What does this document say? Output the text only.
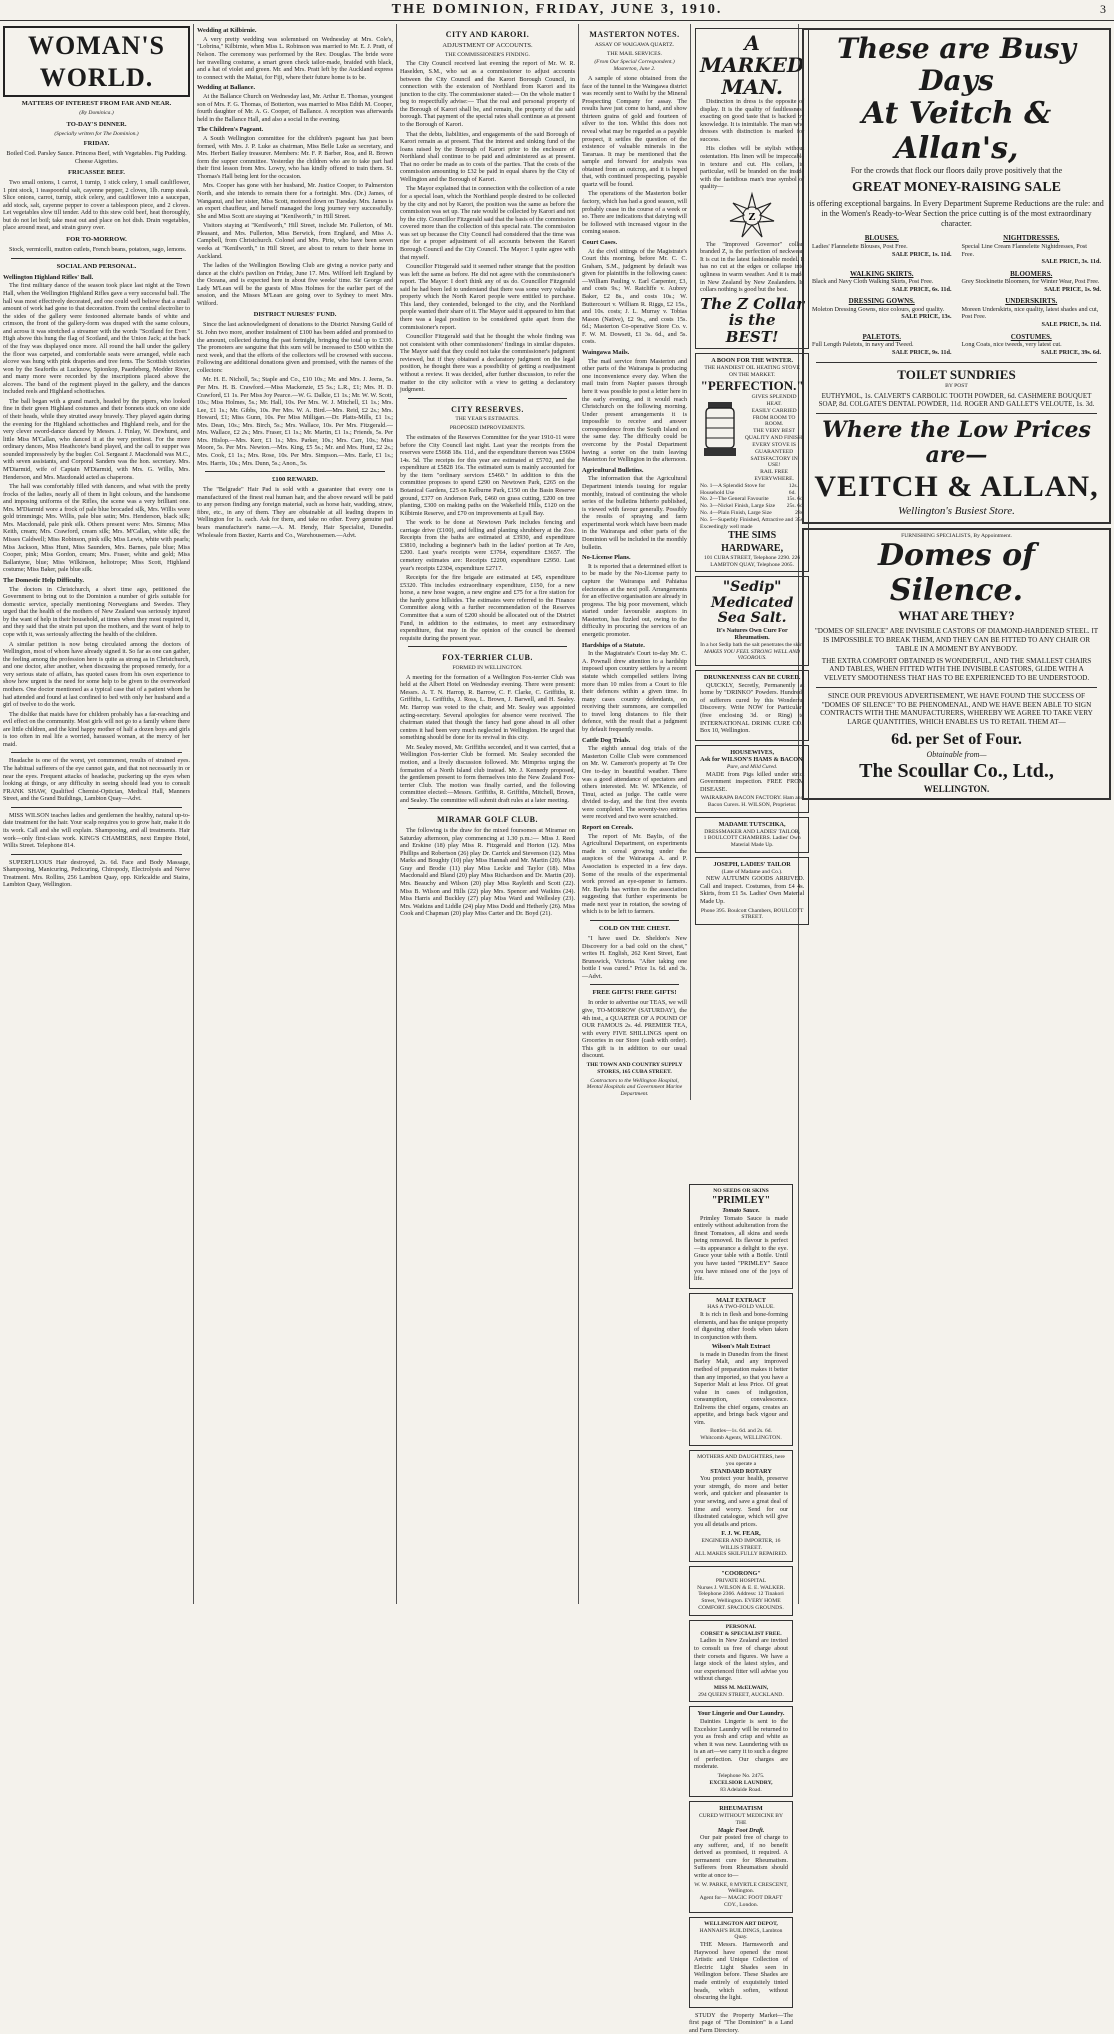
THE DOMINION, FRIDAY, JUNE 3, 1910.	3
WOMAN'S WORLD.
MATTERS OF INTEREST FROM FAR AND NEAR.
(By Dominica.)
TO-DAY'S DINNER.
(Specially written for The Dominion.)
FRIDAY.
Boiled Cod. Parsley Sauce. Princess Beef, with Vegetables. Fig Pudding. Cheese Aigrettes.
FRICASSEE BEEF.

Two small onions, 1 carrot, 1 turnip, 1 stick celery, 1 small cauliflower, 1 pint stock, 1 teaspoonful salt, cayenne pepper, 2 cloves, 1lb. rump steak. Slice onions, carrot, turnip, stick celery, and cauliflower into a saucepan, add stock, salt, cayenne pepper to cover a tablespoon piece, and 2 cloves. Let vegetables slow till tender. Add to this stew cold beef, heat thoroughly, but do not let boil; take meat out and place on hot dish. Drain vegetables, place around meat, and strain gravy over.

FOR TO-MORROW.

Stock, vermicelli, mutton cutlets, French beans, potatoes, sago, lemons.

SOCIAL AND PERSONAL.
Wellington Highland Rifles' Ball.

The first military dance of the season took place last night at the Town Hall, when the Wellington Highland Rifles gave a very successful ball. The hall was most effectively decorated, and one could well believe that a small amount of work had gone to that decoration. From the central electrolier to the sides of the gallery were festooned alternate bands of white and crimson, the front of the gallery-form was draped with the same colours, and across it was stretched a streamer with the words "Scotland for Ever." High above this hung the flag of Scotland, and the Union Jack; at the back of the fray was displayed once more. All round the hall under the gallery the floor was carpeted, and comfortable seats were arranged, while each alcove was hung with pink draperies and tree ferns. The Scottish victories won by the Seaforths at Lucknow, Spionkop, Paardeberg, Modder River, and many more were recorded by the inscriptions placed above the alcoves. The band of the regiment played in the gallery, and the dances included reels and Highland schottisches.

The ball began with a grand march, headed by the pipers, who looked fine in their green Highland costumes and their bonnets stuck on one side of their heads, while they strutted away bravely. They played again during the evening for the Highland schottisches and Highland reels, and for the very clever sword-dance danced by Messrs. J. Finlay, W. Dewhurst, and little Miss M'Callan, who danced it at the very prettiest. For the more ordinary dances, Miss Heathcote's band played, and the call to supper was sounded impressively by the bugler. Col. Sergeant J. Macdonald was M.C., with seven assistants, and Corporal Sanders was the hon. secretary. Mrs. M'Diarmid, wife of Captain M'Diarmid, with Mrs. G. Willis, Mrs. Henderson, and Mrs. Macdonald acted as chaperons.

The hall was comfortably filled with dancers, and what with the pretty frocks of the ladies, nearly all of them in light colours, and the handsome and imposing uniforms of the Rifles, the scene was a very brilliant one. Mrs. M'Diarmid wore a frock of pale blue brocaded silk, Mrs. Willis wore gold trimmings; Mrs. Willis, pale blue satin; Mrs. Henderson, black silk; Mrs. Macdonald, pale pink silk. Others present were: Mrs. Simms; Miss Keith, cream; Mrs. Crawford, cream silk; Mrs. M'Callan, white silk; the Misses Caldwell; Miss Robinson, pink silk; Miss Lewis, white with pearls; Miss Jackson, Miss Hunt, Miss Saunders, Mrs. Barnes, pale blue; Miss Cooper, pink; Miss Gordon, cream; Mrs. Fraser, white and gold; Miss Ballantyne, blue; Miss Wilkinson, heliotrope; Miss Scott, Highland costume; Miss Baker, pale blue silk.

The Domestic Help Difficulty.

The doctors in Christchurch, a short time ago, petitioned the Government to bring out to the Dominion a number of girls suitable for domestic service, specially mentioning Norwegians and Swedes. They urged that the health of the mothers of New Zealand was seriously injured by the want of help in their household, at times when they most required it, and they said that the strain put upon the mothers, and the want of help to cope with it, was seriously affecting the health of the children.

A similar petition is now being circulated among the doctors of Wellington, most of whom have already signed it. So far as one can gather, the feeling among the profession here is quite as strong as in Christchurch, and one doctor, after another, when discussing the proposed remedy, for a very serious state of affairs, has quoted cases from his own experience to show how urgent is the need for some help to be given to the overworked mothers. One doctor mentioned as a typical case that of a patient whom he had attended and found at last confined to bed with only her husband and a girl of twelve to do the work.

The dislike that maids have for children probably has a far-reaching and evil effect on the community. Most girls will not go to a family where there are little children, and the kind happy mother of half a dozen boys and girls is too often in real life a worried, harassed woman, at the mercy of her maid.

Headache is one of the worst, yet commonest, results of strained eyes. The habitual sufferers of the eye cannot gain, and that not necessarily in or near the eyes. Frequent attacks of headache, puckering up the eyes when looking at things, or any difficulty in seeing should lead you to consult FRANK SHAW, Qualified Chemist-Optician, Medical Hall, Manners Street, and the Grand Buildings, Lambton Quay—Advt.

MISS WILSON teaches ladies and gentlemen the healthy, natural up-to-date treatment for the hair. Your scalp requires you to grow hair, make it do its work. Call and she will explain. Shampooing, and all treatments. Hair work—only first-class work. KING'S CHAMBERS, next Empire Hotel, Willis Street. Telephone 814.

SUPERFLUOUS Hair destroyed, 2s. 6d. Face and Body Massage, Shampooing, Manicuring, Pedicuring, Chiropody, Electrolysis and Nerve Treatment. Mrs. Rollins, 256 Lambton Quay, opp. Kirkcaldie and Stains, Lambton Quay, Wellington.

Wedding at Kilbirnie.

A very pretty wedding was solemnised on Wednesday at Mrs. Cole's, "Lobrina," Kilbirnie, when Miss L. Robinson was married to Mr. E. J. Pratt, of Nelson. The ceremony was performed by the Rev. Douglas. The bride wore her travelling costume, a smart green check tailor-made, braided with black, and a hat of violet and green. Mr. and Mrs. Pratt left by the Auckland express to connect with the Maitai, for Fiji, where their future home is to be.

Wedding at Ballance.

At the Ballance Church on Wednesday last, Mr. Arthur E. Thomas, youngest son of Mrs. F. G. Thomas, of Botterton, was married to Miss Edith M. Cooper, fourth daughter of Mr. A. G. Cooper, of Ballance. A reception was afterwards held in the Ballance Hall, and also a social in the evening.

The Children's Pageant.

A South Wellington committee for the children's pageant has just been formed, with Mrs. J. P. Luke as chairman, Miss Belle Luke as secretary, and Mrs. Herbert Bailey treasurer. Members: Mr. F. P. Barber, Roa, and R. Brown form the supper committee. Yesterday the children who are to take part had their first lesson from Mrs. Lowry, who has kindly offered to train them. St. Thomas's Hall being lent for the occasion.

Mrs. Cooper has gone with her husband, Mr. Justice Cooper, to Palmerston North, and she intends to remain there for a fortnight. Mrs. (Dr.) James, of Wanganui, and her sister, Miss Scott, motored down on Tuesday. Mrs. James is an expert chauffeur, and herself managed the long journey very successfully. She and Miss Scott are staying at "Kenilworth," in Hill Street.

Visitors staying at "Kenilworth," Hill Street, include Mr. Fullerton, of Mt. Pleasant, and Mrs. Fullerton, Miss Berwick, from England, and Miss A. Campbell, from Christchurch. Colonel and Mrs. Pirie, who have been seven weeks at "Kenilworth," in Hill Street, are about to return to their home in Auckland.

The ladies of the Wellington Bowling Club are giving a novice party and dance at the club's pavilion on Friday, June 17. Mrs. Wilford left England by the Oceana, and is expected here in about five weeks' time. Sir George and Lady M'Lean will be the guests of Miss Holmes for the earlier part of the session, and the Misses M'Lean are going over to Sydney to meet Mrs. Wilford.

DISTRICT NURSES' FUND.

Since the last acknowledgment of donations to the District Nursing Guild of St. John two more, another instalment of £100 has been added and promised to the amount, collected during the past fortnight, bringing the total up to £330. The promoters are sanguine that this sum will be increased to £500 within the next week, and that the efforts of the collectors will be crowned with success. Following are additional donations given and promised, with the names of the collectors:

Mr. H. E. Nicholl, 5s.; Staple and Co., £10 10s.; Mr. and Mrs. J. Jeens, 5s. Per Mrs. H. B. Crawford.—Miss Mackenzie, £5 5s.; L.R., £1; Mrs. H. D. Crawford, £1 1s. Per Miss Joy Pearce.—W. G. Dalkie, £1 1s.; Mr. W. W. Scott, 10s.; Miss Holmes, 5s.; Mr. Hall, 10s. Per Mrs. W. J. Mitchell, £1 1s.; Mrs. Lee, £1 1s.; Mr. Gibbs, 10s. Per Mrs. W. A. Bird.—Mrs. Reid, £2 2s.; Mrs. Howard, £1; Miss Gunn, 10s. Per Miss Milligan.—Dr. Platts-Mills, £1 1s.; Mrs. Dean, 10s.; Mrs. Birch, 5s.; Mrs. Wallace, 10s. Per Mrs. Fitzgerald.—Mrs. Wallace, £2 2s.; Mrs. Fraser, £1 1s.; Mr. Martin, £1 1s.; Friends, 5s. Per Mrs. Hislop.—Mrs. Kerr, £1 1s.; Mrs. Parker, 10s.; Mrs. Carr, 10s.; Miss Moore, 5s. Per Mrs. Newton.—Mrs. King, £5 5s.; Mr. and Mrs. Hunt, £2 2s.; Mrs. Cook, £1 1s.; Mrs. Rose, 10s. Per Mrs. Simpson.—Mrs. Earle, £1 1s.; Mrs. Harris, 10s.; Mrs. Dunn, 5s.; Anon., 5s.

£100 REWARD.

The "Belgrade" Hair Pad is sold with a guarantee that every one is manufactured of the finest real human hair, and the above reward will be paid to any person finding any foreign material, such as horse hair, wadding, straw, fibre, etc., in any of them. They are obtainable at all leading drapers in Wellington for 1s. each. Ask for them, and take no other. Every genuine pad bears manufacturer's name.—A. M. Hendy, Hair Specialist, Dunedin. Wholesale from Baxter, Karris and Co., Warehousemen.—Advt.

CITY AND KARORI.
ADJUSTMENT OF ACCOUNTS.
THE COMMISSIONER'S FINDING.

The City Council received last evening the report of Mr. W. R. Haselden, S.M., who sat as a commissioner to adjust accounts between the City Council and the Karori Borough Council, in connection with the extension of Northland from Karori and its junction to the city. The commissioner stated:— On the whole matter I beg to respectfully advise:— That the real and personal property of the Borough of Karori shall be, and remain, the property of the said borough. That payment of the special rates shall continue as at present to the Borough of Karori.

That the debts, liabilities, and engagements of the said Borough of Karori remain as at present. That the interest and sinking fund of the loans raised by the Borough of Karori prior to the enclosure of Northland shall continue to be paid and administered as at present. That no order be made as to costs of the parties. That the costs of the commission amounting to £32 be paid in equal shares by the City of Wellington and the Borough of Karori.

The Mayor explained that in connection with the collection of a rate for a special loan, which the Northland people desired to be collected by the city and not by Karori, the position was the same as before the commission was set up. The rate would be collected by Karori and not by the city. Councillor Fitzgerald said that the basis of the commission covered more than the collection of this special rate. The commission was set up because the City Council had considered that the time was ripe for a proper adjustment of all accounts between the Karori Borough Council and the City Council. The Mayor: I quite agree with that myself.

Councillor Fitzgerald said it seemed rather strange that the position was left the same as before. He did not agree with the commissioner's report. The Mayor: I don't think any of us do. Councillor Fitzgerald said he had been led to understand that there was some very valuable property which the North Karori people were entitled to purchase. This land, they contended, belonged to the city, and the Northland people wanted their share of it. The Mayor said it appeared to him that there was a legal position to be considered quite apart from the commissioner's report.

Councillor Fitzgerald said that he thought the whole finding was not consistent with other commissioners' findings in similar disputes. The Mayor said that they could not take the commissioner's judgment reviewed, but if they obtained a declaratory judgment on the legal position, he thought there was a possibility of getting a readjustment without a review. It was decided, after further discussion, to refer the matter to the city solicitor with a view to getting a declaratory judgment.

CITY RESERVES.
THE YEAR'S ESTIMATES.
PROPOSED IMPROVEMENTS.

The estimates of the Reserves Committee for the year 1910-11 were before the City Council last night. Last year the receipts from the reserves were £5668 18s. 11d., and the expenditure thereon was £5604 14s. 5d. The receipts for this year are estimated at £5702, and the expenditure at £5828 16s. The estimated sum is mainly accounted for by the item "ordinary services £5460." In addition to this the committee proposes to spend £290 on Newtown Park, £265 on the Botanical Gardens, £25 on Kelburne Park, £150 on the Basin Reserve ground, £377 on Anderson Park, £460 on grass cutting, £200 on tree planting, £300 on making paths on the Wakefield Hills, £120 on the Kilbirnie Reserve, and £70 on improvements at Lyall Bay.

The work to be done at Newtown Park includes fencing and carriage drive (£100), and felling and planting shrubbery at the Zoo. Receipts from the baths are estimated at £3930, and expenditure £3810, including a beginner's bath in the ladies' portion at Te Aro, £200. Last year's receipts were £3764, expenditure £3657. The cemetery estimates are: Receipts £2200, expenditure £2950. Last year's receipts £2304, expenditure £2717.

Receipts for the fire brigade are estimated at £45, expenditure £5320. This includes extraordinary expenditure, £150, for a new horse, a new hose wagon, a new engine and £75 for a fire station for the hardy gorse hillsides. The estimates were referred to the Finance Committee along with a further recommendation of the Reserves Committee that a sum of £200 should be allocated out of the District Fund, in addition to the estimates, to meet any extraordinary expenditure, that may in the opinion of the council be deemed requisite during the present year.

FOX-TERRIER CLUB.
FORMED IN WELLINGTON.

A meeting for the formation of a Wellington Fox-terrier Club was held at the Albert Hotel on Wednesday evening. There were present: Messrs. A. T. N. Harrop, R. Barrow, C. F. Clarke, C. Griffiths, R. Griffiths, L. Griffiths, J. Ross, L. Brown, J. Barwell, and H. Sealey. Mr. Harrop was voted to the chair, and Mr. Sealey was appointed acting-secretary. Several apologies for absence were received. The chairman stated that though the fancy had gone ahead in all other centres it had been very much neglected in Wellington. He urged that something should be done for its revival in this city.

Mr. Sealey moved, Mr. Griffiths seconded, and it was carried, that a Wellington Fox-terrier Club be formed. Mr. Sealey seconded the motion, and a lively discussion followed. Mr. Mimpriss urging the formation of a North Island club instead. Mr. J. Kennedy proposed, the gentlemen present to form themselves into the New Zealand Fox-terrier Club. The motion was finally carried, and the following committee elected:—Messrs. Griffiths, R. Griffiths, Mitchell, Brown, and Sealey. The committee will submit draft rules at a later meeting.

MIRAMAR GOLF CLUB.

The following is the draw for the mixed foursomes at Miramar on Saturday afternoon, play commencing at 1.30 p.m.:— Miss J. Reed and Erskine (18) play Miss R. Fitzgerald and Horton (12). Miss Phillips and Robertson (26) play Dr. Carrick and Stevenson (12). Miss Marks and Boughty (10) play Miss Hannah and Mr. Martin (20). Miss Gray and Brodie (11) play Miss Leckie and Taylor (18). Miss Macdonald and Bland (20) play Miss Richardson and Dr. Martin (20). Mrs. Beauchy and Wilson (20) play Miss Rayleith and Scott (22). Miss B. Wilson and Hills (22) play Mrs. Spencer and Watkins (24). Miss Harris and Buckley (27) play Miss Ward and Wellesley (23). Mrs. Watkins and Liddle (24) play Miss Dodd and Hetherly (26). Miss Cook and Chapman (20) play Miss Carter and Dr. Boyd (21).

MASTERTON NOTES.
ASSAY OF WAIGAWA QUARTZ.
THE MAIL SERVICES.
(From Our Special Correspondent.) Masterton, June 2.

A sample of stone obtained from the face of the tunnel in the Waingawa district was recently sent to Waihi by the Mineral Prospecting Company for assay. The results have just come to hand, and show thirteen grains of gold and fourteen of silver to the ton. Whilst this does not reveal what may be regarded as a payable prospect, it settles the question of the existence of valuable minerals in the Tararuas. It may be mentioned that the sample and forward for analysis was obtained from an outcrop, and it is hoped that, with continued prospecting, payable quartz will be found.

The operations of the Masterton boiler factory, which has had a good season, will probably cease in the course of a week or so. There are indications that dairying will be followed with increased vigour in the coming season.

Court Cases.

At the civil sittings of the Magistrate's Court this morning, before Mr. C. C. Graham, S.M., judgment by default was given for plaintiffs in the following cases:—William Pauling v. Earl Carpenter, £3, and costs 9s.; W. Ratcliffe v. Aubrey Baker, £2 8s., and costs 10s.; W. Buttercourt v. William R. Riggs, £2 15s., and 10s. costs; J. L. Murray v. Tobias Mason (Native), £2 9s., and costs 15s. 6d.; Masterton Co-operative Store Co. v. F. W. M. Dowsett, £1 3s. 6d., and 5s. costs.

Waingawa Mails.

The mail service from Masterton and other parts of the Wairarapa is producing one inconvenience every day. When the mail train from Napier passes through here it was possible to post a letter here in the early evening, and it would reach Christchurch on the following morning. Under present arrangements it is impossible to receive and answer correspondence from the South Island on the same day. The difficulty could be overcome by the Postal Department having a sorter on the train leaving Masterton for Wellington in the afternoon.

Agricultural Bulletins.

The information that the Agricultural Department intends issuing for regular monthly, instead of continuing the whole series of the bulletins hitherto published, is viewed with favour generally. Possibly the results of spraying and farm experimental work which have been made in the Wairarapa and other parts of the Dominion will be included in the monthly bulletin.

No-License Plans.

It is reported that a determined effort is to be made by the No-License party to capture the Wairarapa and Pahiatua electorates at the next poll. Arrangements for an effective organisation are already in progress. The big poor movement, which started under favourable auspices in Masterton, has fizzled out, owing to the difficulty in procuring the services of an energetic promoter.

Hardships of a Statute.

In the Magistrate's Court to-day Mr. C. A. Pownall drew attention to a hardship imposed upon country settlers by a recent statute which compelled settlers living more than 10 miles from a Court to file their defences within a given time. In many cases country defendants, on receiving their summons, are compelled to travel long distances to file their defence, with the result that a judgment by default frequently results.

Cattle Dog Trials.

The eighth annual dog trials of the Masterton Collie Club were commenced on Mr. W. Cameron's property at Te Ore Ore to-day in beautiful weather. There was a good attendance of spectators and others interested. Mr. W. M'Kenzie, of Tinui, acted as judge. The cattle were divided to-day, and the first five events were completed. The seventy-two entries were received and two were scratched.

Report on Cereals.

The report of Mr. Baylis, of the Agricultural Department, on experiments made in cereal growing under the auspices of the Wairarapa A. and P. Association is expected in a few days. Some of the results of the experimental work proved an eye-opener to farmers. Mr. Baylis has written to the association suggesting that further experiments be made next year in rotation, the sowing of which is to be left to farmers.

COLD ON THE CHEST.

"I have used Dr. Sheldon's New Discovery for a bad cold on the chest," writes H. English, 262 Kent Street, East Brunswick, Victoria. "After taking one bottle I was cured." Price 1s. 6d. and 3s.—Advt.

FREE GIFTS! FREE GIFTS!

In order to advertise our TEAS, we will give, TO-MORROW (SATURDAY), the 4th inst., a QUARTER OF A POUND OF OUR FAMOUS 2s. 4d. PREMIER TEA, with every FIVE SHILLINGS spent on Groceries in our Store (cash with order). This gift is in addition to our usual discount.

THE TOWN AND COUNTRY SUPPLY STORES, 165 CUBA STREET.
Contractors to the Wellington Hospital, Mental Hospitals and Government Marine Department.
A MARKED MAN.

Distinction in dress is the opposite of display. It is the quality of faultlessness exacting on good taste that is backed by knowledge. It is inimitable. The man who dresses with distinction is marked for success.

His clothes will be stylish without ostentation. His linen will be impeccable in texture and cut. His collars, in particular, will be branded on the inside with the fastidious man's true symbol of quality—

Z

The "Improved Governor" collar, branded Z, is the perfection of neckwear. It is cut in the latest fashionable model. It has no cut at the edges or collapse into ugliness in warm weather. And it is made in New Zealand by New Zealanders. In collars nothing is good but the best.

The Z Collar is the BEST!
A BOON FOR THE WINTER.
THE HANDIEST OIL HEATING STOVE ON THE MARKET.
"PERFECTION."
GIVES SPLENDID HEAT.
EASILY CARRIED FROM ROOM TO ROOM.
THE VERY BEST QUALITY AND FINISH.
EVERY STOVE IS GUARANTEED SATISFACTORY IN USE!
RAIL FREE EVERYWHERE.
No. 1—A Splendid Stove for Household Use
12s. 6d.
No. 2—The General Favourite	15s. 6d.
No. 3—Nickel Finish, Large Size 25s. 6d.
No. 4—Plain Finish, Large Size	28s.
No. 5—Superbly Finished, Attractive and Exceedingly well made
35s.
THE SIMS HARDWARE,
101 CUBA STREET, Telephone 2290. 226 LAMBTON QUAY, Telephone 2065.
"Sedip" Medicated Sea Salt.
It's Natures Own Cure For Rheumatism.
In a hot Sedip bath the salt penetrates the skin.
MAKES YOU FEEL STRONG WELL AND VIGOROUS.
DRUNKENNESS CAN BE CURED.

QUICKLY, Secretly, Permanently at home by "DRINKO" Powders. Hundreds of sufferers cured by this Wonderful Discovery. Write NOW for Particulars (free enclosing 3d. or Ring) to INTERNATIONAL DRINK CURE CO., Box 10, Wellington.

HOUSEWIVES,
Ask for WILSON'S HAMS & BACON.
Pure, and Mild Cured.

MADE from Pigs killed under strict Government inspection. FREE FROM DISEASE.

WAIRARAPA BACON FACTORY. Ham and Bacon Curers. H. WILSON, Proprietor.
MADAME TUTSCHKA,
DRESSMAKER AND LADIES' TAILOR,
1 BOULCOTT CHAMBERS. Ladies' Own Material Made Up.
JOSEPH, LADIES' TAILOR
(Late of Madame and Co.).

NEW AUTUMN GOODS ARRIVED. Call and inspect. Costumes, from £4 4s. Skirts, from £1 5s. Ladies' Own Material Made Up.

Phone 395. Boulcott Chambers, BOULCOTT STREET.
These are Busy Days
At Veitch & Allan's,
For the crowds that flock our floors daily prove positively that the
GREAT MONEY-RAISING SALE
is offering exceptional bargains. In Every Department Supreme Reductions are the rule: and in the Women's Ready-to-Wear Section the price cutting is of the most extraordinary character.
BLOUSES.
Ladies' Flannelette Blouses, Post Free.
SALE PRICE, 1s. 11d.
NIGHTDRESSES.
Special Line Cream Flannelette Nightdresses, Post Free.
SALE PRICE, 3s. 11d.
WALKING SKIRTS.
Black and Navy Cloth Walking Skirts, Post Free.
SALE PRICE, 6s. 11d.
BLOOMERS.
Grey Stockinette Bloomers, for Winter Wear, Post Free.
SALE PRICE, 1s. 9d.
DRESSING GOWNS.
Moleton Dressing Gowns, nice colours, good quality.
SALE PRICE, 13s.
UNDERSKIRTS.
Moreen Underskirts, nice quality, latest shades and cut, Post Free.
SALE PRICE, 3s. 11d.
PALETOTS.
Full Length Paletots, in navy and Tweed.
SALE PRICE, 9s. 11d.
COSTUMES.
Long Coats, nice tweeds, very latest cut.
SALE PRICE, 39s. 6d.
TOILET SUNDRIES
BY POST
EUTHYMOL, 1s. CALVERT'S CARBOLIC TOOTH POWDER, 6d. CASHMERE BOUQUET SOAP, 8d. COLGATE'S DENTAL POWDER, 11d. ROGER AND GALLET'S VELOUTE, 1s. 3d.
Where the Low Prices are—
VEITCH & ALLAN,
Wellington's Busiest Store.
FURNISHING SPECIALISTS, By Appointment.
Domes of Silence.
WHAT ARE THEY?
"DOMES OF SILENCE" ARE INVISIBLE CASTORS OF DIAMOND-HARDENED STEEL. IT IS IMPOSSIBLE TO BREAK THEM, AND THEY CAN BE FITTED TO ANY CHAIR OR TABLE IN A MOMENT BY ANYBODY.
THE EXTRA COMFORT OBTAINED IS WONDERFUL, AND THE SMALLEST CHAIRS AND TABLES, WHEN FITTED WITH THE INVISIBLE CASTORS, GLIDE WITH A VELVETY SMOOTHNESS THAT HAS TO BE EXPERIENCED TO BE UNDERSTOOD.
SINCE OUR PREVIOUS ADVERTISEMENT, WE HAVE FOUND THE SUCCESS OF "DOMES OF SILENCE" TO BE PHENOMENAL, AND WE HAVE BEEN ABLE TO SIGN CONTRACTS WITH THE MANUFACTURERS, WHEREBY WE AGREE TO TAKE VERY LARGE QUANTITIES, WHICH ENABLES US TO RETAIL THEM AT—
6d. per Set of Four.
Obtainable from—
The Scoullar Co., Ltd.,
WELLINGTON.
NO SEEDS OR SKINS
"PRIMLEY"
Tomato Sauce.

Primley Tomato Sauce is made entirely without adulteration from the finest Tomatoes, all skins and seeds being removed. Its flavour is perfect—its appearance a delight to the eye. Grace your table with a Bottle. Until you have tasted "PRIMLEY" Sauce you have missed one of the joys of life.

MALT EXTRACT
HAS A TWO-FOLD VALUE.

It is rich in flesh and bone-forming elements, and has the unique property of digesting other foods when taken in conjunction with them.

Wilson's Malt Extract

is made in Dunedin from the finest Barley Malt, and any improved method of preparation makes it better than any imported, so that you have a Superior Malt at less Price. Of great value in cases of indigestion, consumption, convalescence. Enlivens the chief organs, creates an appetite, and brings back vigour and vim.

Bottles—1s. 6d. and 2s. 6d.
Whitcomb Agents, WELLINGTON.
MOTHERS AND DAUGHTERS, here you operate a
STANDARD ROTARY

You protect your health, preserve your strength, do more and better work, and quicker and pleasanter is your sewing, and save a great deal of time and worry. Send for our illustrated catalogue, which will give you all details and prices.

F. J. W. FEAR,
ENGINEER AND IMPORTER, 16 WILLIS STREET.
ALL MAKES SKILFULLY REPAIRED.
"COORONG"
PRIVATE HOSPITAL
Nurses J. WILSON & E. E. WALKER.
Telephone 2366. Address: 12 Tinakori Street, Wellington. EVERY HOME COMFORT. SPACIOUS GROUNDS.
PERSONAL
CORSET & SPECIALIST FREE.

Ladies in New Zealand are invited to consult us free of charge about their corsets and figures. We have a large stock of the latest styles, and our experienced fitter will advise you without charge.

MISS M. McELWAIN,
294 QUEEN STREET, AUCKLAND.
Your Lingerie and Our Laundry.

Dainties Lingerie is sent to the Excelsior Laundry will be returned to you as fresh and crisp and white as when it was new. Laundering with us is an art—we carry it to such a degree of perfection. Our charges are moderate.

Telephone No. 2475.
EXCELSIOR LAUNDRY,
83 Adelaide Road.
RHEUMATISM
CURED WITHOUT MEDICINE BY THE
Magic Foot Draft.

Our pair posted free of charge to any sufferer, and, if no benefit derived as promised, it required. A permanent cure for Rheumatism. Sufferers from Rheumatism should write at once to—

W. W. PARKE, 8 MYRTLE CRESCENT, Wellington.
Agent for— MAGIC FOOT DRAFT COY., London.
WELLINGTON ART DEPOT,
HANNAH'S BUILDINGS, Lambton Quay.

THE Messrs. Harmsworth and Haywood have opened the most Artistic and Unique Collection of Electric Light Shades seen in Wellington before. These Shades are made entirely of exquisitely tinted beads, which soften, without obscuring the light.

STUDY the Property Market—The first page of "The Dominion" is a Land and Farm Directory.
